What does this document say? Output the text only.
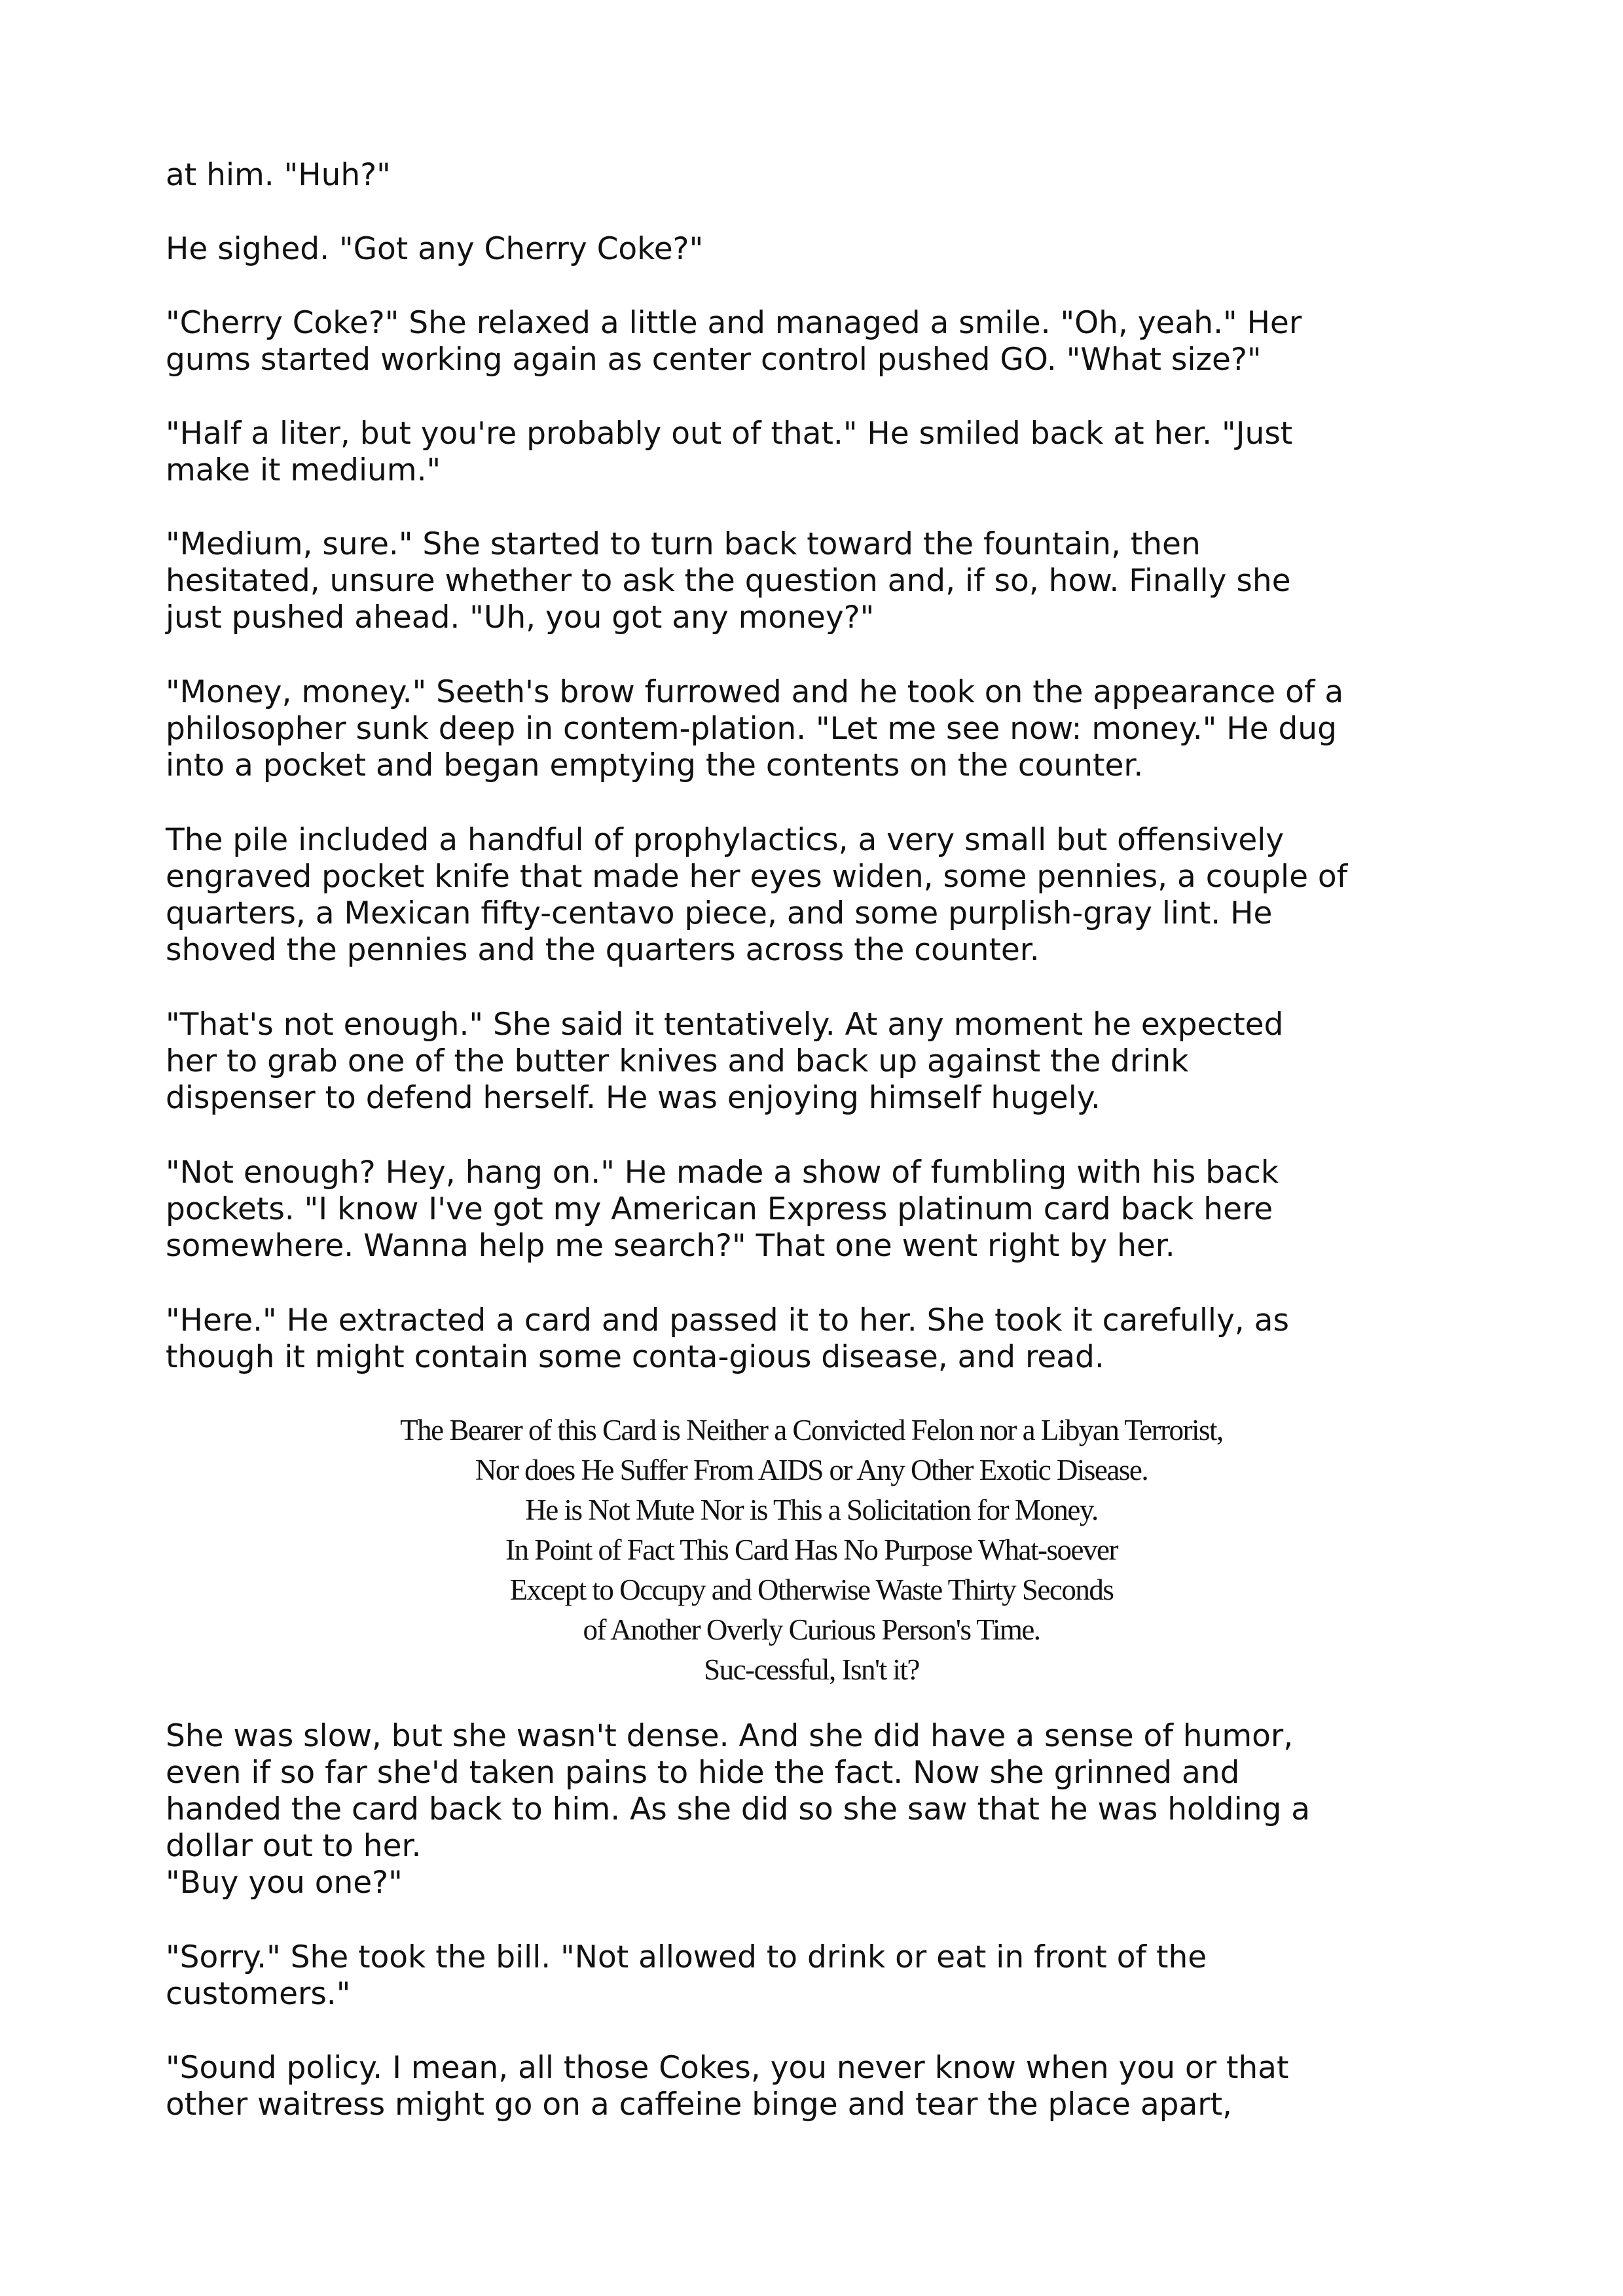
at him. "Huh?"

He sighed. "Got any Cherry Coke?"

"Cherry Coke?" She relaxed a little and managed a smile. "Oh, yeah." Her
gums started working again as center control pushed GO. "What size?"

"Half a liter, but you're probably out of that." He smiled back at her. "Just
make it medium."

"Medium, sure." She started to turn back toward the fountain, then
hesitated, unsure whether to ask the question and, if so, how. Finally she
just pushed ahead. "Uh, you got any money?"

"Money, money." Seeth's brow furrowed and he took on the appearance of a
philosopher sunk deep in contem-plation. "Let me see now: money." He dug
into a pocket and began emptying the contents on the counter.

The pile included a handful of prophylactics, a very small but offensively
engraved pocket knife that made her eyes widen, some pennies, a couple of
quarters, a Mexican fifty-centavo piece, and some purplish-gray lint. He
shoved the pennies and the quarters across the counter.

"That's not enough." She said it tentatively. At any moment he expected
her to grab one of the butter knives and back up against the drink
dispenser to defend herself. He was enjoying himself hugely.

"Not enough? Hey, hang on." He made a show of fumbling with his back
pockets. "I know I've got my American Express platinum card back here
somewhere. Wanna help me search?" That one went right by her.

"Here." He extracted a card and passed it to her. She took it carefully, as
though it might contain some conta-gious disease, and read.

The Bearer of this Card is Neither a Convicted Felon nor a Libyan Terrorist,
Nor does He Suffer From AIDS or Any Other Exotic Disease.
He is Not Mute Nor is This a Solicitation for Money.
In Point of Fact This Card Has No Purpose What-soever
Except to Occupy and Otherwise Waste Thirty Seconds
of Another Overly Curious Person's Time.
Suc-cessful, Isn't it?

She was slow, but she wasn't dense. And she did have a sense of humor,
even if so far she'd taken pains to hide the fact. Now she grinned and
handed the card back to him. As she did so she saw that he was holding a
dollar out to her.
"Buy you one?"

"Sorry." She took the bill. "Not allowed to drink or eat in front of the
customers."

"Sound policy. I mean, all those Cokes, you never know when you or that
other waitress might go on a caffeine binge and tear the place apart,
